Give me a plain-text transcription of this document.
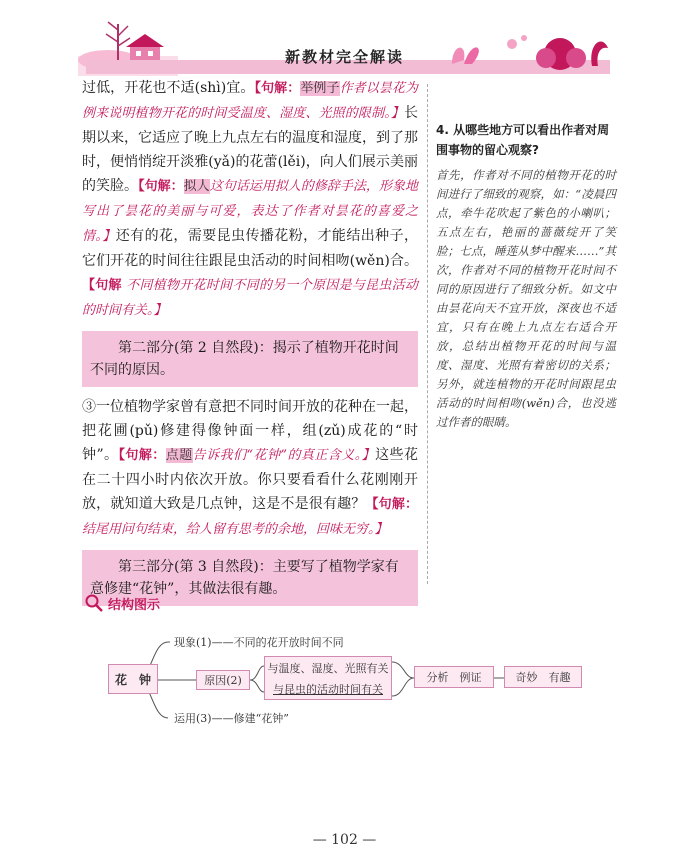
新教材完全解读

过低，开花也不适(shì)宜。【句解：举例子作者以昙花为例来说明植物开花的时间受温度、湿度、光照的限制。】长期以来，它适应了晚上九点左右的温度和湿度，到了那时，便悄悄绽开淡雅(yǎ)的花蕾(lěi)，向人们展示美丽的笑脸。【句解：拟人这句话运用拟人的修辞手法，形象地写出了昙花的美丽与可爱，表达了作者对昙花的喜爱之情。】还有的花，需要昆虫传播花粉，才能结出种子，它们开花的时间往往跟昆虫活动的时间相吻(wěn)合。【句解 不同植物开花时间不同的另一个原因是与昆虫活动的时间有关。】

第二部分(第 2 自然段)：揭示了植物开花时间不同的原因。

③一位植物学家曾有意把不同时间开放的花种在一起，把花圃(pǔ)修建得像钟面一样，组(zǔ)成花的“时钟”。【句解：点题告诉我们“花钟”的真正含义。】这些花在二十四小时内依次开放。你只要看看什么花刚刚开放，就知道大致是几点钟，这是不是很有趣？【句解：结尾用问句结束，给人留有思考的余地，回味无穷。】

第三部分(第 3 自然段)：主要写了植物学家有意修建“花钟”，其做法很有趣。
4. 从哪些地方可以看出作者对周围事物的留心观察?
首先，作者对不同的植物开花的时间进行了细致的观察，如：“凌晨四点，牵牛花吹起了紫色的小喇叭；五点左右，艳丽的蔷薇绽开了笑脸；七点，睡莲从梦中醒来……”其次，作者对不同的植物开花时间不同的原因进行了细致分析。如文中由昙花向天不宜开放，深夜也不适宜，只有在晚上九点左右适合开放，总结出植物开花的时间与温度、湿度、光照有着密切的关系；另外，就连植物的开花时间跟昆虫活动的时间相吻(wěn)合，也没逃过作者的眼睛。
结构图示
花　钟
现象(1)——不同的花开放时间不同
原因(2)
与温度、湿度、光照有关
与昆虫的活动时间有关
分析　例证	奇妙　有趣
运用(3)——修建“花钟”
— 102 —
